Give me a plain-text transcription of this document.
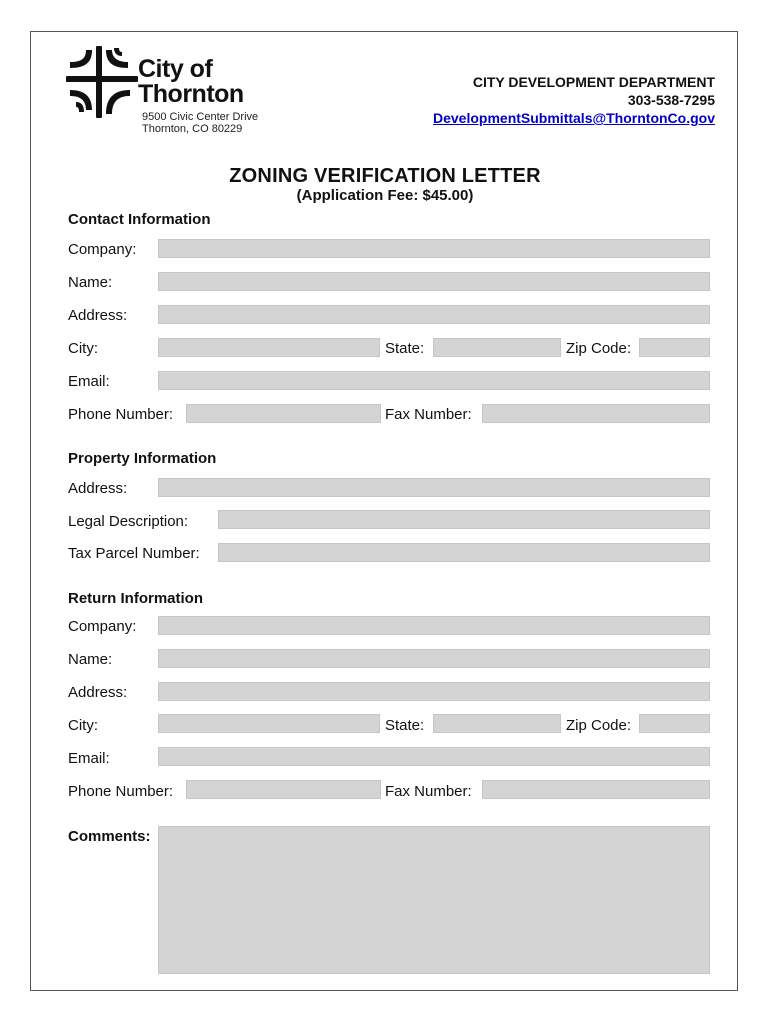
City of
Thornton
9500 Civic Center Drive
Thornton, CO 80229
CITY DEVELOPMENT DEPARTMENT
303-538-7295
DevelopmentSubmittals@ThorntonCo.gov
ZONING VERIFICATION LETTER
(Application Fee: $45.00)
Contact Information
Company:
Name:
Address:
City:	State:	Zip Code:
Email:
Phone Number:	Fax Number:
Property Information
Address:
Legal Description:
Tax Parcel Number:
Return Information
Company:
Name:
Address:
City:	State:	Zip Code:
Email:
Phone Number:	Fax Number:
Comments:
